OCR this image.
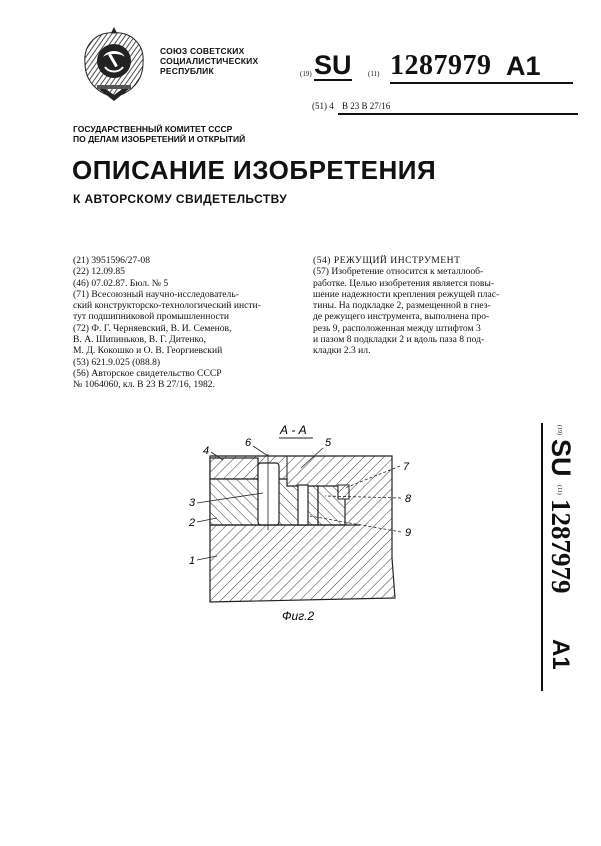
СОЮЗ СОВЕТСКИХ
СОЦИАЛИСТИЧЕСКИХ
РЕСПУБЛИК	(19) SU (11) 1287979 A1
(51) 4 B 23 B 27/16
ГОСУДАРСТВЕННЫЙ КОМИТЕТ СССР
ПО ДЕЛАМ ИЗОБРЕТЕНИЙ И ОТКРЫТИЙ
ОПИСАНИЕ ИЗОБРЕТЕНИЯ
К АВТОРСКОМУ СВИДЕТЕЛЬСТВУ
(21) 3951596/27-08
(22) 12.09.85
(46) 07.02.87. Бюл. № 5
(71) Всесоюзный научно-исследователь-
ский конструкторско-технологический инсти-
тут подшипниковой промышленности
(72) Ф. Г. Черняевский, В. И. Семенов,
В. А. Шипиньков, В. Г. Дитенко,
М. Д. Кокошко и О. В. Георгиевский
(53) 621.9.025 (088.8)
(56) Авторское свидетельство СССР
№ 1064060, кл. В 23 В 27/16, 1982.
(54) РЕЖУЩИЙ ИНСТРУМЕНТ
(57) Изобретение относится к металлооб-
работке. Целью изобретения является повы-
шение надежности крепления режущей плас-
тины. На подкладке 2, размещенной в гнез-
де режущего инструмента, выполнена про-
резь 9, расположенная между штифтом 3
и пазом 8 подкладки 2 и вдоль паза 8 под-
кладки 2.3 ил.
А - А
4
6	5
7
8
9
3
2
1
Фиг.2
(19)
SU
(11)
1287979
A1
